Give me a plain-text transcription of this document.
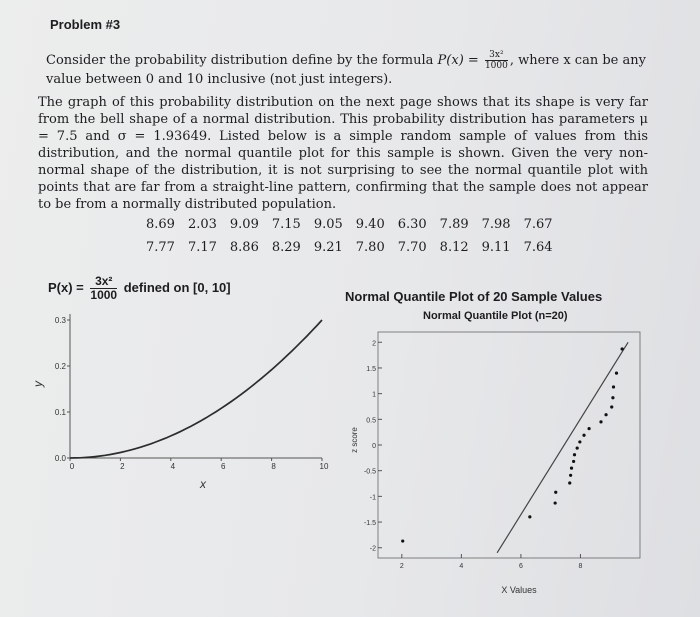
Problem #3

Consider the probability distribution define by the formula $P(x) = \frac{\text{3x²}}{1000}$ , where x can be any value between 0 and 10 inclusive (not just integers).

The graph of this probability distribution on the next page shows that its shape is very far from the bell shape of a normal distribution. This probability distribution has parameters μ = 7.5 and σ = 1.93649. Listed below is a simple random sample of values from this distribution, and the normal quantile plot for this sample is shown. Given the very non-normal shape of the distribution, it is not surprising to see the normal quantile plot with points that are far from a straight-line pattern, confirming that the sample does not appear to be from a normally distributed population.

8.69 2.03 9.09 7.15 9.05 9.40 6.30 7.89 7.98 7.67
7.77 7.17 8.86 8.29 9.21 7.80 7.70 8.12 9.11 7.64
$P(x) = \frac{\text{3x²}}{1000}$ defined on [0, 10]
Normal Quantile Plot of 20 Sample Values
Normal Quantile Plot (n=20)
0.0
0.1
0.2
0.3
0	2	4	6	8	10
y
x
-2
-1.5
-1
-0.5
0
0.5
1
1.5
2
2	4	6	8
z score
X Values
